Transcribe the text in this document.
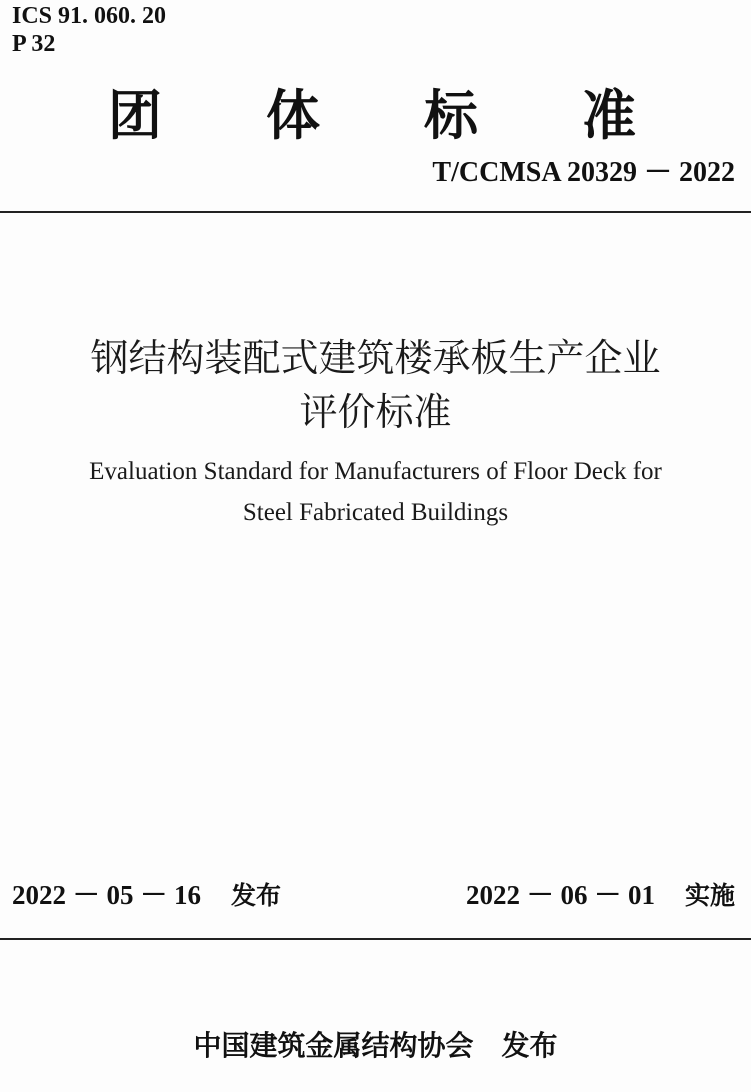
ICS 91. 060. 20
P 32
团 体 标 准
T/CCMSA 20329 － 2022
钢结构装配式建筑楼承板生产企业
评价标准
Evaluation Standard for Manufacturers of Floor Deck for
Steel Fabricated Buildings
2022 － 05 － 16 发布	2022 － 06 － 01 实施
中国建筑金属结构协会 发布
